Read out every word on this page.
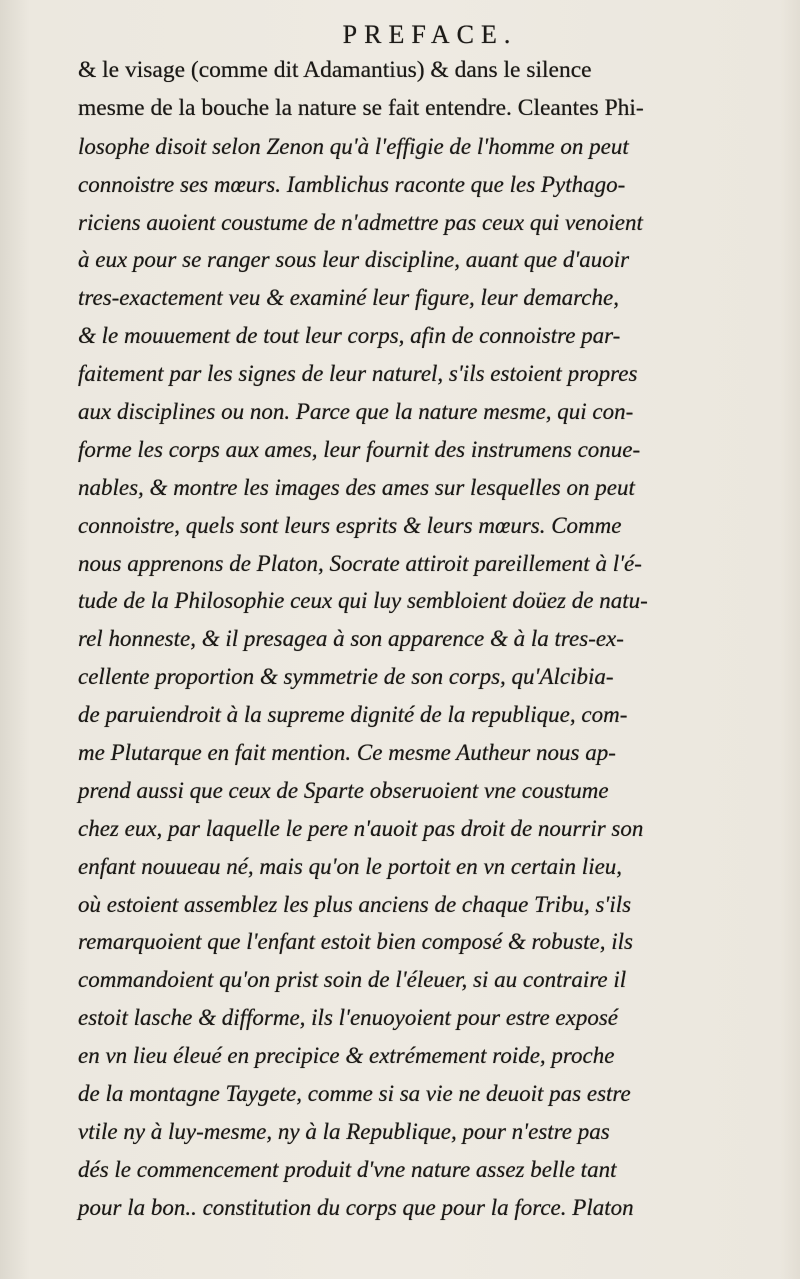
PREFACE.
& le visage (comme dit Adamantius) & dans le silence
mesme de la bouche la nature se fait entendre. Cleantes Phi-
losophe disoit selon Zenon qu'à l'effigie de l'homme on peut
connoistre ses mœurs. Iamblichus raconte que les Pythago-
riciens auoient coustume de n'admettre pas ceux qui venoient
à eux pour se ranger sous leur discipline, auant que d'auoir
tres-exactement veu & examiné leur figure, leur demarche,
& le mouuement de tout leur corps, afin de connoistre par-
faitement par les signes de leur naturel, s'ils estoient propres
aux disciplines ou non. Parce que la nature mesme, qui con-
forme les corps aux ames, leur fournit des instrumens conue-
nables, & montre les images des ames sur lesquelles on peut
connoistre, quels sont leurs esprits & leurs mœurs. Comme
nous apprenons de Platon, Socrate attiroit pareillement à l'é-
tude de la Philosophie ceux qui luy sembloient doüez de natu-
rel honneste, & il presagea à son apparence & à la tres-ex-
cellente proportion & symmetrie de son corps, qu'Alcibia-
de paruiendroit à la supreme dignité de la republique, com-
me Plutarque en fait mention. Ce mesme Autheur nous ap-
prend aussi que ceux de Sparte obseruoient vne coustume
chez eux, par laquelle le pere n'auoit pas droit de nourrir son
enfant nouueau né, mais qu'on le portoit en vn certain lieu,
où estoient assemblez les plus anciens de chaque Tribu, s'ils
remarquoient que l'enfant estoit bien composé & robuste, ils
commandoient qu'on prist soin de l'éleuer, si au contraire il
estoit lasche & difforme, ils l'enuoyoient pour estre exposé
en vn lieu éleué en precipice & extrémement roide, proche
de la montagne Taygete, comme si sa vie ne deuoit pas estre
vtile ny à luy-mesme, ny à la Republique, pour n'estre pas
dés le commencement produit d'vne nature assez belle tant
pour la bon.. constitution du corps que pour la force. Platon
